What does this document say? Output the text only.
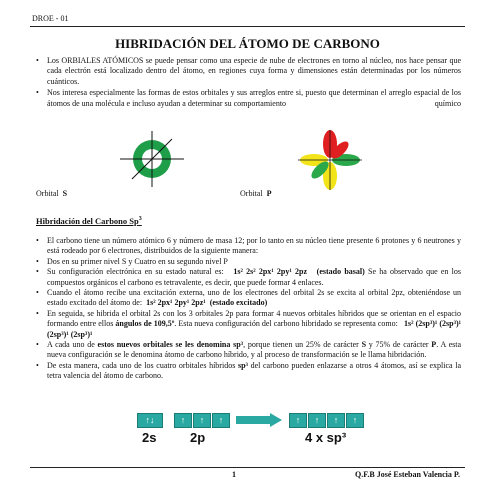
DROE - 01
HIBRIDACIÓN DEL ÁTOMO DE CARBONO

• Los ORBIALES ATÓMICOS se puede pensar como una especie de nube de electrones en torno al núcleo, nos hace pensar que cada electrón está localizado dentro del átomo, en regiones cuya forma y dimensiones están determinadas por los números cuánticos.

• Nos interesa especialmente las formas de estos orbitales y sus arreglos entre si, puesto que determinan el arreglo espacial de los átomos de una molécula e incluso ayudan a determinar su comportamiento	químico

Orbital S	Orbital P
Hibridación del Carbono Sp$^3$

• El carbono tiene un número atómico 6 y número de masa 12; por lo tanto en su núcleo tiene presente 6 protones y 6 neutrones y está rodeado por 6 electrones, distribuidos de la siguiente manera:

• Dos en su primer nivel S y Cuatro en su segundo nivel P

• Su configuración electrónica en su estado natural es: 1s² 2s² 2px¹ 2py¹ 2pz (estado basal) Se ha observado que en los compuestos orgánicos el carbono es tetravalente, es decir, que puede formar 4 enlaces.

• Cuando el átomo recibe una excitación externa, uno de los electrones del orbital 2s se excita al orbital 2pz, obteniéndose un estado excitado del átomo de: 1s² 2px¹ 2py¹ 2pz¹ (estado excitado)

• En seguida, se hibrida el orbital 2s con los 3 orbitales 2p para formar 4 nuevos orbitales híbridos que se orientan en el espacio formando entre ellos ángulos de 109,5º. Esta nueva configuración del carbono hibridado se representa como: 1s² (2sp³)¹ (2sp³)¹ (2sp³)¹ (2sp³)¹

• A cada uno de estos nuevos orbitales se les denomina sp³, porque tienen un 25% de carácter S y 75% de carácter P. A esta nueva configuración se le denomina átomo de carbono híbrido, y al proceso de transformación se le llama hibridación.

• De esta manera, cada uno de los cuatro orbitales híbridos sp³ del carbono pueden enlazarse a otros 4 átomos, así se explica la tetra valencia del átomo de carbono.

↑↓	↑	↑	↑	↑	↑	↑	↑
2s	2p	4 x sp³
1	Q.F.B José Esteban Valencia P.
